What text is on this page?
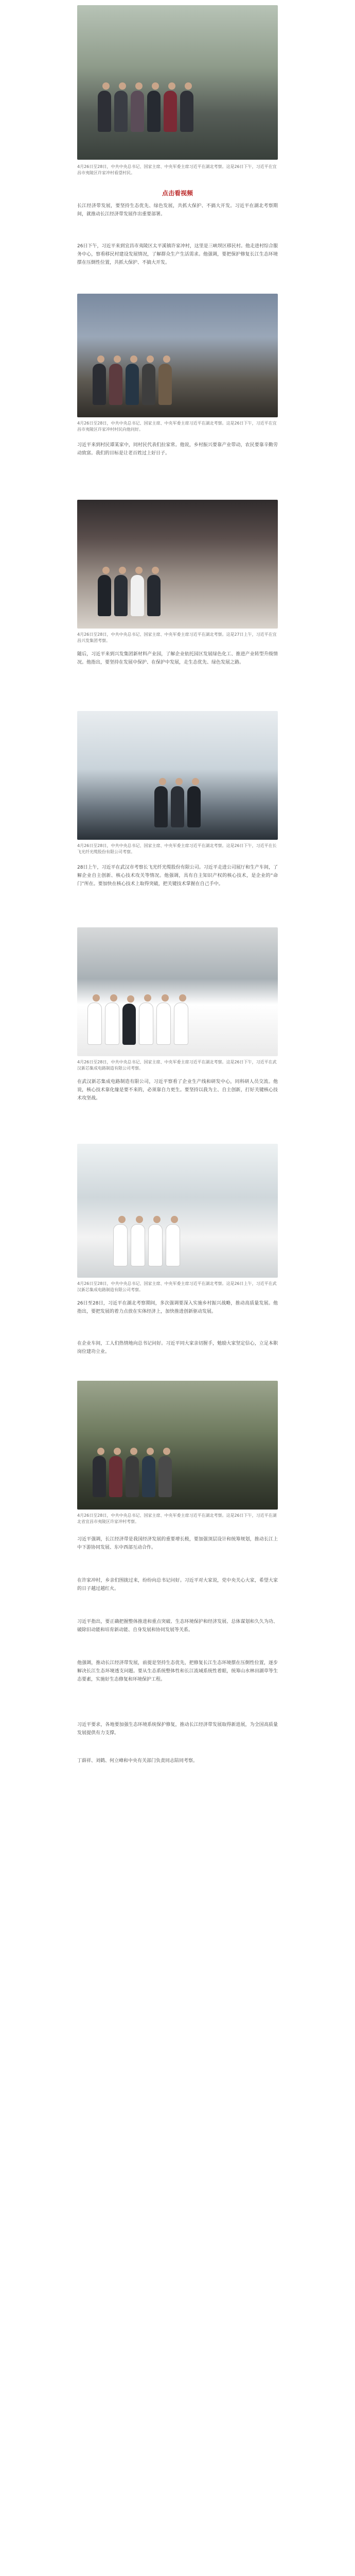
4月26日至28日，中共中央总书记、国家主席、中央军委主席习近平在湖北考察。这是26日下午，习近平在宜昌市夷陵区许家冲村看望村民。
点击看视频

长江经济带发展，要坚持生态优先、绿色发展，共抓大保护、不搞大开发。习近平在湖北考察期间，就推动长江经济带发展作出重要部署。

26日下午，习近平来到宜昌市夷陵区太平溪镇许家冲村，这里是三峡坝区移民村。他走进村综合服务中心，察看移民村建设发展情况，了解群众生产生活需求。他强调，要把保护修复长江生态环境摆在压倒性位置，共抓大保护、不搞大开发。

4月26日至28日，中共中央总书记、国家主席、中央军委主席习近平在湖北考察。这是26日下午，习近平在宜昌市夷陵区许家冲村村民向他问好。

习近平来到村民谭某家中，同村民代表们拉家常。他说，乡村振兴要靠产业带动，农民要靠辛勤劳动致富。我们的目标是让老百姓过上好日子。

4月26日至28日，中共中央总书记、国家主席、中央军委主席习近平在湖北考察。这是27日上午，习近平在宜昌兴发集团考察。

随后，习近平来到兴发集团新材料产业园，了解企业依托园区发展绿色化工、推进产业转型升级情况。他指出，要坚持在发展中保护、在保护中发展，走生态优先、绿色发展之路。

4月26日至28日，中共中央总书记、国家主席、中央军委主席习近平在湖北考察。这是26日下午，习近平在长飞光纤光缆股份有限公司考察。

28日上午，习近平在武汉市考察长飞光纤光缆股份有限公司。习近平走进公司展厅和生产车间，了解企业自主创新、核心技术攻关等情况。他强调，具有自主知识产权的核心技术，是企业的“命门”所在。要加快在核心技术上取得突破，把关键技术掌握在自己手中。

4月26日至28日，中共中央总书记、国家主席、中央军委主席习近平在湖北考察。这是26日下午，习近平在武汉新芯集成电路制造有限公司考察。

在武汉新芯集成电路制造有限公司，习近平察看了企业生产线和研发中心，同科研人员交流。他说，核心技术靠化缘是要不来的，必须靠自力更生。要坚持以我为主、自主创新，打好关键核心技术攻坚战。

4月26日至28日，中共中央总书记、国家主席、中央军委主席习近平在湖北考察。这是26日上午，习近平在武汉新芯集成电路制造有限公司考察。

26日至28日，习近平在湖北考察期间，多次强调要深入实施乡村振兴战略，推动高质量发展。他指出，要把发展的着力点放在实体经济上，加快推进创新驱动发展。

在企业车间，工人们热情地向总书记问好。习近平同大家亲切握手，勉励大家坚定信心，立足本职岗位建功立业。

4月26日至28日，中共中央总书记、国家主席、中央军委主席习近平在湖北考察。这是26日下午，习近平在湖北省宜昌市夷陵区许家冲村考察。

习近平强调，长江经济带是我国经济发展的重要增长极，要加强顶层设计和统筹规划，推动长江上中下游协同发展、东中西部互动合作。

在许家冲村，乡亲们围拢过来，纷纷向总书记问好。习近平对大家说，党中央关心大家，希望大家的日子越过越红火。

习近平指出，要正确把握整体推进和重点突破、生态环境保护和经济发展、总体谋划和久久为功、破除旧动能和培育新动能、自身发展和协同发展等关系。

他强调，推动长江经济带发展，前提是坚持生态优先，把修复长江生态环境摆在压倒性位置，逐步解决长江生态环境透支问题。要从生态系统整体性和长江流域系统性着眼，统筹山水林田湖草等生态要素，实施好生态修复和环境保护工程。

习近平要求，各地要加强生态环境系统保护修复，推动长江经济带发展取得新进展，为全国高质量发展提供有力支撑。

丁薛祥、刘鹤、何立峰和中央有关部门负责同志陪同考察。
